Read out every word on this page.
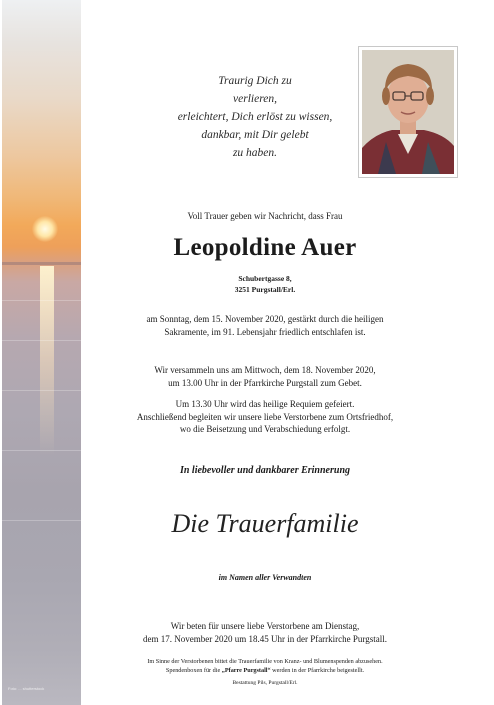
Foto: ... shutterstock
Traurig Dich zu
verlieren,
erleichtert, Dich erlöst zu wissen,
dankbar, mit Dir gelebt
zu haben.
Voll Trauer geben wir Nachricht, dass Frau
Leopoldine Auer
Schubertgasse 8,
3251 Purgstall/Erl.
am Sonntag, dem 15. November 2020, gestärkt durch die heiligen
Sakramente, im 91. Lebensjahr friedlich entschlafen ist.
Wir versammeln uns am Mittwoch, dem 18. November 2020,
um 13.00 Uhr in der Pfarrkirche Purgstall zum Gebet.
Um 13.30 Uhr wird das heilige Requiem gefeiert.
Anschließend begleiten wir unsere liebe Verstorbene zum Ortsfriedhof,
wo die Beisetzung und Verabschiedung erfolgt.
In liebevoller und dankbarer Erinnerung
Die Trauerfamilie
im Namen aller Verwandten
Wir beten für unsere liebe Verstorbene am Dienstag,
dem 17. November 2020 um 18.45 Uhr in der Pfarrkirche Purgstall.
Im Sinne der Verstorbenen bittet die Trauerfamilie von Kranz- und Blumenspenden abzusehen.
Spendenboxen für die „Pfarre Purgstall“ werden in der Pfarrkirche beigestellt.
Bestattung Pils, Purgstall/Erl.
